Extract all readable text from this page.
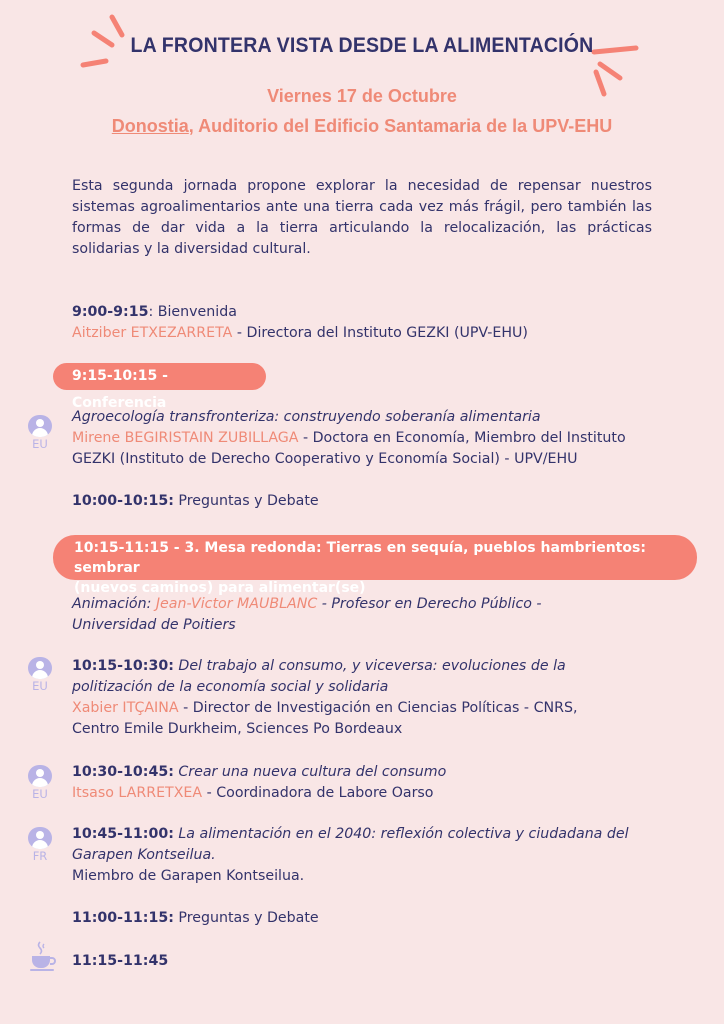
LA FRONTERA VISTA DESDE LA ALIMENTACIÓN
Viernes 17 de Octubre
Donostia, Auditorio del Edificio Santamaria de la UPV-EHU
Esta segunda jornada propone explorar la necesidad de repensar nuestros sistemas agroalimentarios ante una tierra cada vez más frágil, pero también las formas de dar vida a la tierra articulando la relocalización, las prácticas solidarias y la diversidad cultural.
9:00-9:15: Bienvenida
Aitziber ETXEZARRETA - Directora del Instituto GEZKI (UPV-EHU)
9:15-10:15 - Conferencia
EU
Agroecología transfronteriza: construyendo soberanía alimentaria
Mirene BEGIRISTAIN ZUBILLAGA - Doctora en Economía, Miembro del Instituto
GEZKI (Instituto de Derecho Cooperativo y Economía Social) - UPV/EHU
10:00-10:15: Preguntas y Debate
10:15-11:15 - 3. Mesa redonda: Tierras en sequía, pueblos hambrientos: sembrar
(nuevos caminos) para alimentar(se)
Animación: Jean-Victor MAUBLANC - Profesor en Derecho Público -
Universidad de Poitiers
EU
10:15-10:30: Del trabajo al consumo, y viceversa: evoluciones de la
politización de la economía social y solidaria
Xabier ITÇAINA - Director de Investigación en Ciencias Políticas - CNRS,
Centro Emile Durkheim, Sciences Po Bordeaux
EU
10:30-10:45: Crear una nueva cultura del consumo
Itsaso LARRETXEA - Coordinadora de Labore Oarso
FR
10:45-11:00: La alimentación en el 2040: reflexión colectiva y ciudadana del
Garapen Kontseilua.
Miembro de Garapen Kontseilua.
11:00-11:15: Preguntas y Debate
11:15-11:45
